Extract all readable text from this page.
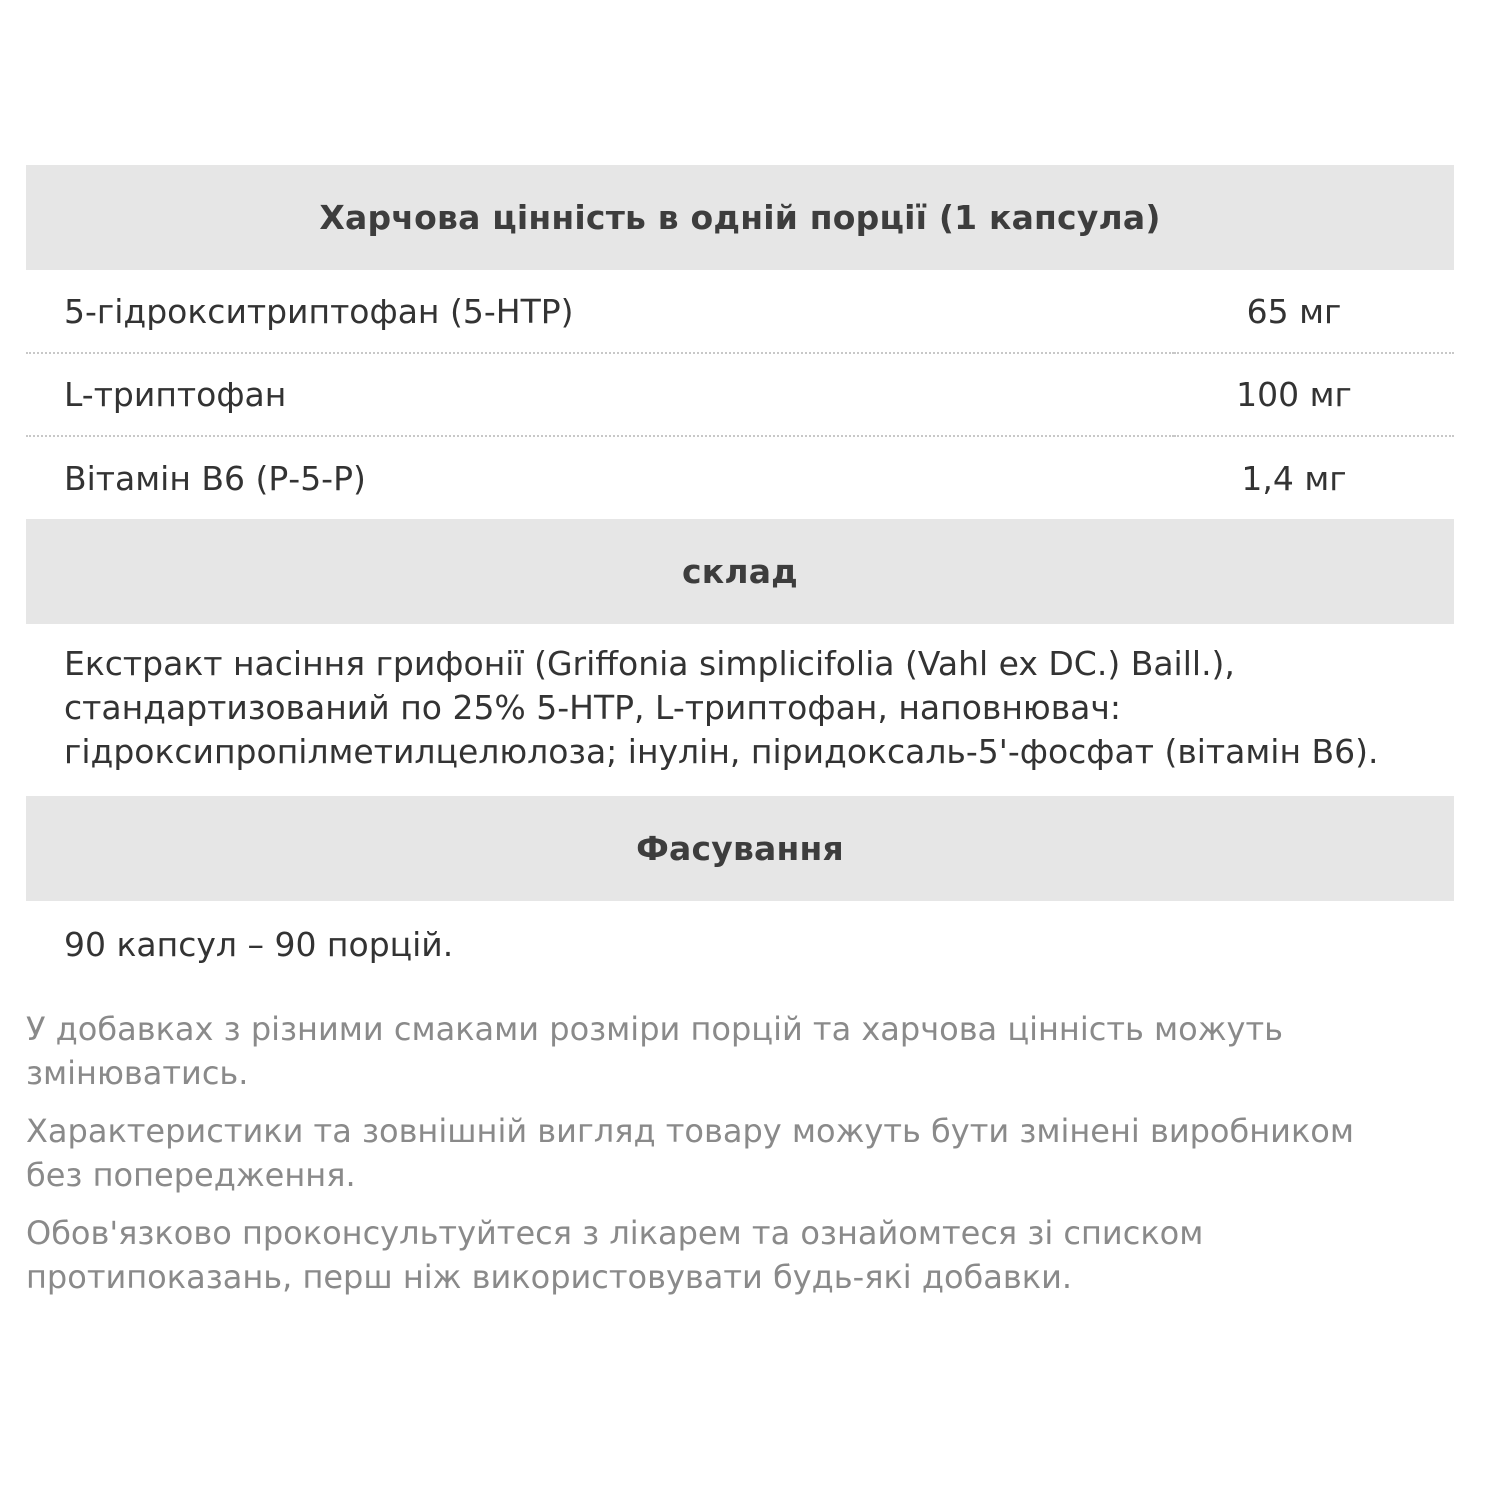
Харчова цінність в одній порції (1 капсула)
5-гідрокситриптофан (5-HTP)	65 мг
L-триптофан	100 мг
Вітамін В6 (Р-5-Р)	1,4 мг
склад
Екстракт насіння грифонії (Griffonia simplicifolia (Vahl ex DC.) Baill.), стандартизований по 25% 5-HTP, L-триптофан, наповнювач: гідроксипропілметилцелюлоза; інулін, піридоксаль-5'-фосфат (вітамін В6).
Фасування
90 капсул – 90 порцій.

У добавках з різними смаками розміри порцій та харчова цінність можуть змінюватись.

Характеристики та зовнішній вигляд товару можуть бути змінені виробником без попередження.

Обов'язково проконсультуйтеся з лікарем та ознайомтеся зі списком протипоказань, перш ніж використовувати будь-які добавки.
